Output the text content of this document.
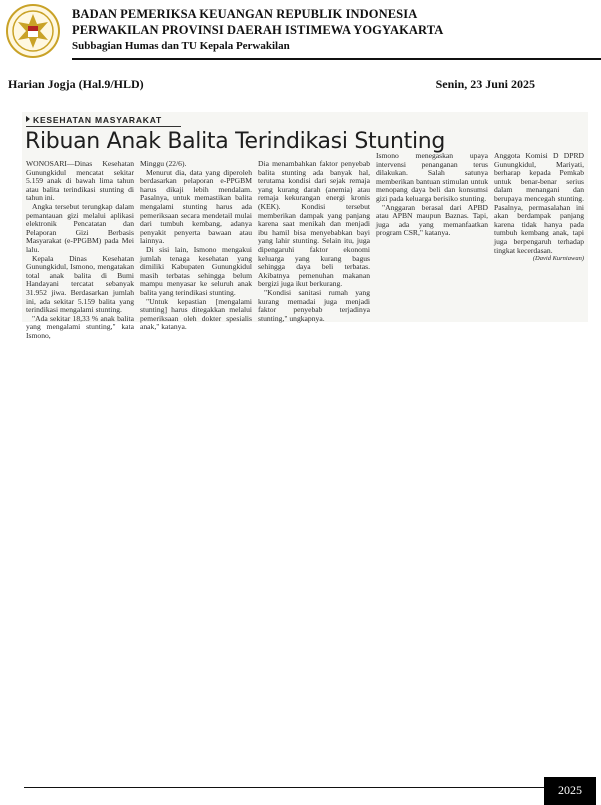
BADAN PEMERIKSA KEUANGAN REPUBLIK INDONESIA
PERWAKILAN PROVINSI DAERAH ISTIMEWA YOGYAKARTA
Subbagian Humas dan TU Kepala Perwakilan
Harian Jogja (Hal.9/HLD)	Senin, 23 Juni 2025
KESEHATAN MASYARAKAT
Ribuan Anak Balita Terindikasi Stunting

WONOSARI—Dinas Kesehatan Gunungkidul mencatat sekitar 5.159 anak di bawah lima tahun atau balita terindikasi stunting di tahun ini.

Angka tersebut terungkap dalam pemantauan gizi melalui aplikasi elektronik Pencatatan dan Pelaporan Gizi Berbasis Masyarakat (e-PPGBM) pada Mei lalu.

Kepala Dinas Kesehatan Gunungkidul, Ismono, mengatakan total anak balita di Bumi Handayani tercatat sebanyak 31.952 jiwa. Berdasarkan jumlah ini, ada sekitar 5.159 balita yang terindikasi mengalami stunting.

"Ada sekitar 18,33 % anak balita yang mengalami stunting," kata Ismono,

Minggu (22/6).

Menurut dia, data yang diperoleh berdasarkan pelaporan e-PPGBM harus dikaji lebih mendalam. Pasalnya, untuk memastikan balita mengalami stunting harus ada pemeriksaan secara mendetail mulai dari tumbuh kembang, adanya penyakit penyerta bawaan atau lainnya.

Di sisi lain, Ismono mengakui jumlah tenaga kesehatan yang dimiliki Kabupaten Gunungkidul masih terbatas sehingga belum mampu menyasar ke seluruh anak balita yang terindikasi stunting.

"Untuk kepastian [mengalami stunting] harus ditegakkan melalui pemeriksaan oleh dokter spesialis anak," katanya.

Dia menambahkan faktor penyebab balita stunting ada banyak hal, terutama kondisi dari sejak remaja yang kurang darah (anemia) atau remaja kekurangan energi kronis (KEK). Kondisi tersebut memberikan dampak yang panjang karena saat menikah dan menjadi ibu hamil bisa menyebabkan bayi yang lahir stunting. Selain itu, juga dipengaruhi faktor ekonomi keluarga yang kurang bagus sehingga daya beli terbatas. Akibatnya pemenuhan makanan bergizi juga ikut berkurang.

"Kondisi sanitasi rumah yang kurang memadai juga menjadi faktor penyebab terjadinya stunting," ungkapnya.

Ismono menegaskan upaya intervensi penanganan terus dilakukan. Salah satunya memberikan bantuan stimulan untuk menopang daya beli dan konsumsi gizi pada keluarga berisiko stunting.

"Anggaran berasal dari APBD atau APBN maupun Baznas. Tapi, juga ada yang memanfaatkan program CSR," katanya.

Anggota Komisi D DPRD Gunungkidul, Mariyati, berharap kepada Pemkab untuk benar-benar serius dalam menangani dan berupaya mencegah stunting. Pasalnya, permasalahan ini akan berdampak panjang karena tidak hanya pada tumbuh kembang anak, tapi juga berpengaruh terhadap tingkat kecerdasan.

(David Kurniawan)

2025
